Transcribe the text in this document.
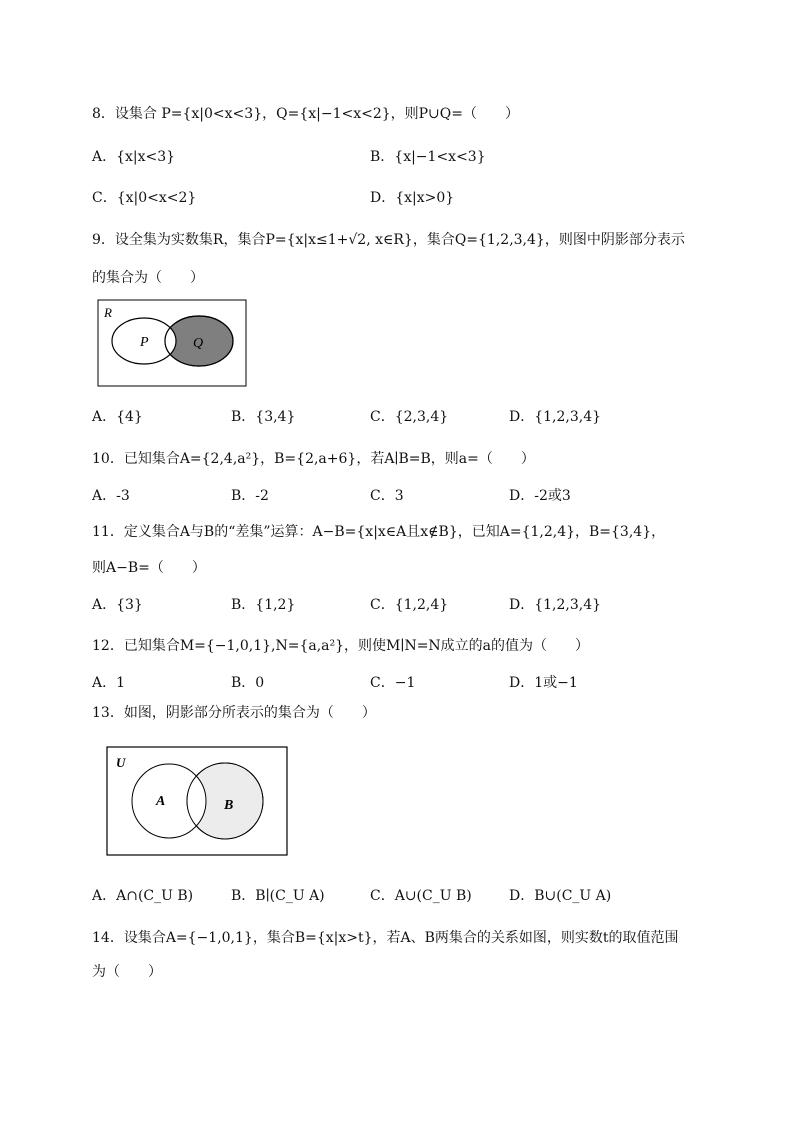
8．设集合 P={x|0<x<3}，Q={x|−1<x<2}，则P∪Q=（　　）
A．{x|x<3}	B．{x|−1<x<3}
C．{x|0<x<2}	D．{x|x>0}
9．设全集为实数集R，集合P={x|x≤1+√2, x∈R}，集合Q={1,2,3,4}，则图中阴影部分表示
的集合为（　　）
R
P	Q
A．{4}	B．{3,4}	C．{2,3,4}	D．{1,2,3,4}
10．已知集合A={2,4,a²}，B={2,a+6}，若A∣B=B，则a=（　　）
A．-3	B．-2	C．3	D．-2或3
11．定义集合A与B的“差集”运算：A−B={x|x∈A且x∉B}，已知A={1,2,4}，B={3,4}，
则A−B=（　　）
A．{3}	B．{1,2}	C．{1,2,4}	D．{1,2,3,4}
12．已知集合M={−1,0,1},N={a,a²}，则使M∣N=N成立的a的值为（　　）
A．1	B．0	C．−1	D．1或−1
13．如图，阴影部分所表示的集合为（　　）
U
A	B
A．A∩(C_U B)	B．B∣(C_U A)	C．A∪(C_U B)	D．B∪(C_U A)
14．设集合A={−1,0,1}，集合B={x|x>t}，若A、B两集合的关系如图，则实数t的取值范围
为（　　）
